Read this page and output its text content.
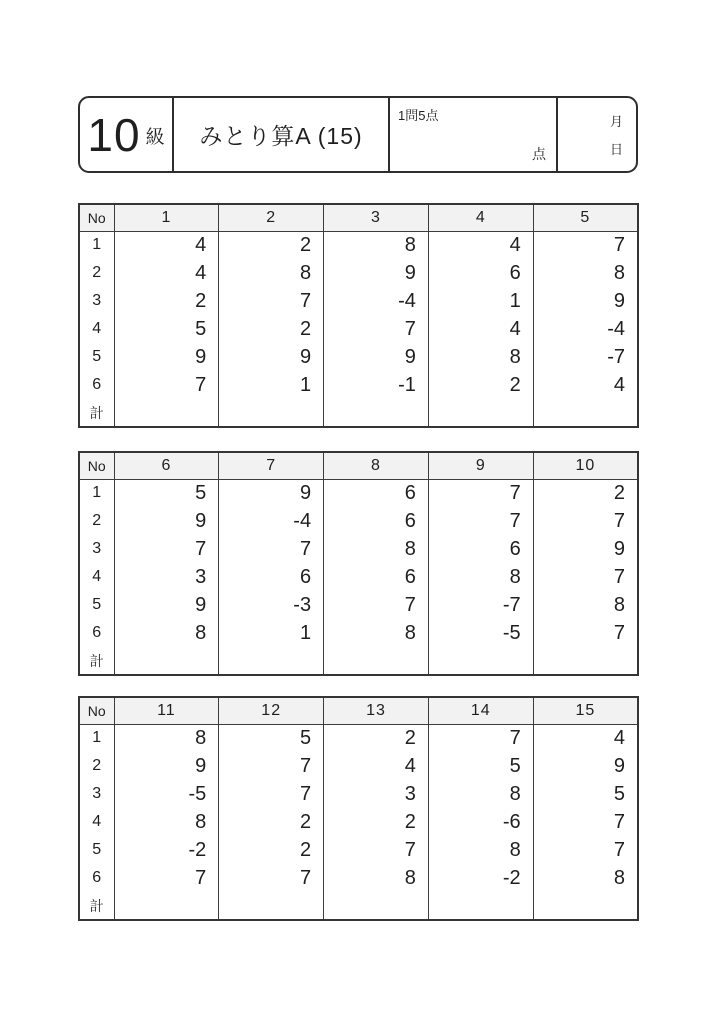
10 級	みとり算A (15)
1問5点
点
月
日
No	1	2	3	4	5
1	4	2	8	4	7
2	4	8	9	6	8
3	2	7	-4	1	9
4	5	2	7	4	-4
5	9	9	9	8	-7
6	7	1	-1	2	4
計					
No	6	7	8	9	10
1	5	9	6	7	2
2	9	-4	6	7	7
3	7	7	8	6	9
4	3	6	6	8	7
5	9	-3	7	-7	8
6	8	1	8	-5	7
計					
No	11	12	13	14	15
1	8	5	2	7	4
2	9	7	4	5	9
3	-5	7	3	8	5
4	8	2	2	-6	7
5	-2	2	7	8	7
6	7	7	8	-2	8
計					
